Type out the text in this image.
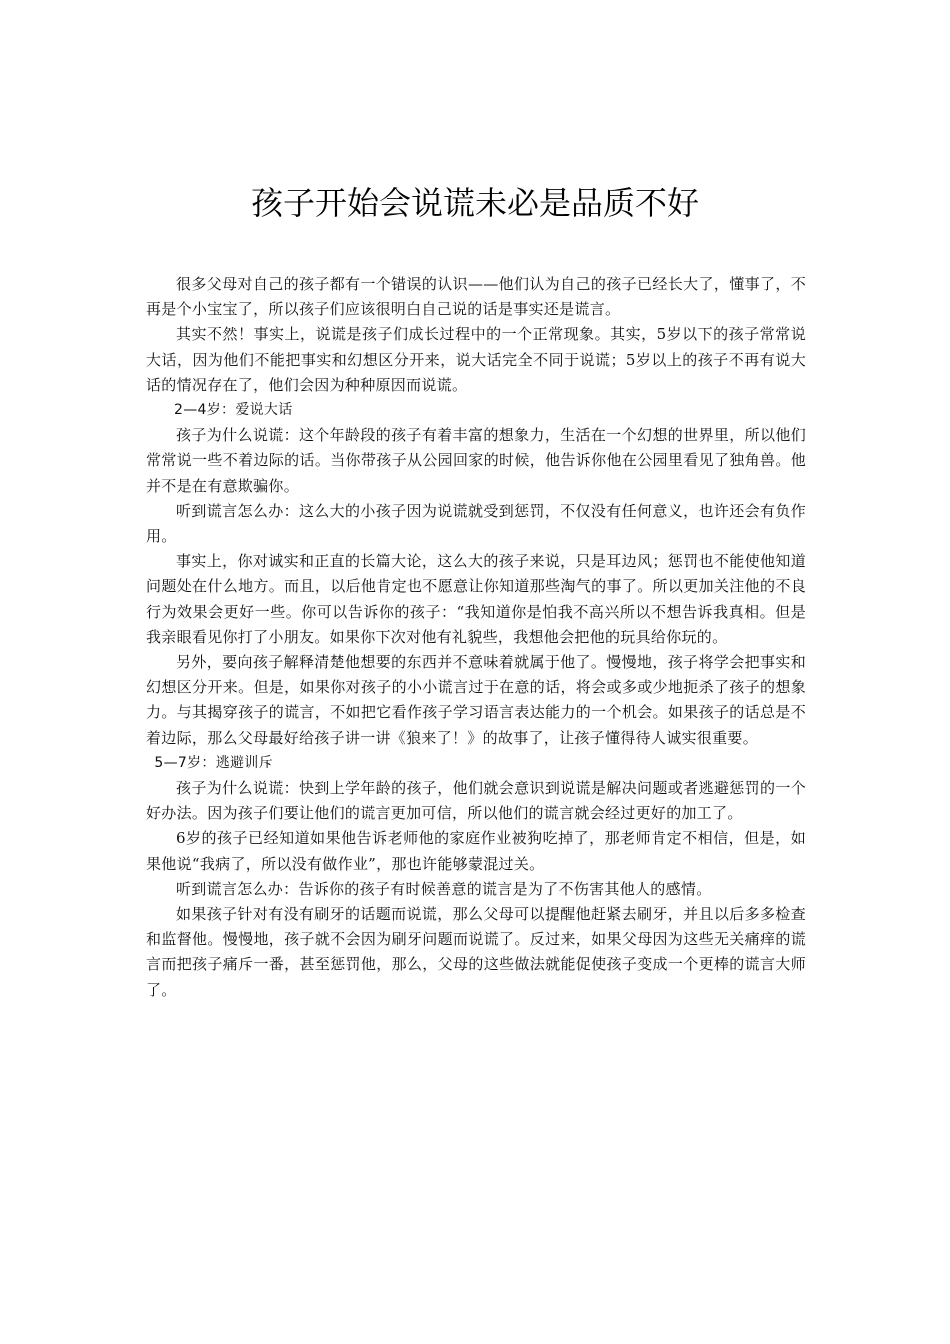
孩子开始会说谎未必是品质不好

很多父母对自己的孩子都有一个错误的认识——他们认为自己的孩子已经长大了，懂事了，不再是个小宝宝了，所以孩子们应该很明白自己说的话是事实还是谎言。

其实不然！事实上，说谎是孩子们成长过程中的一个正常现象。其实，5岁以下的孩子常常说大话，因为他们不能把事实和幻想区分开来，说大话完全不同于说谎；5岁以上的孩子不再有说大话的情况存在了，他们会因为种种原因而说谎。

2—4岁：爱说大话

孩子为什么说谎：这个年龄段的孩子有着丰富的想象力，生活在一个幻想的世界里，所以他们常常说一些不着边际的话。当你带孩子从公园回家的时候，他告诉你他在公园里看见了独角兽。他并不是在有意欺骗你。

听到谎言怎么办：这么大的小孩子因为说谎就受到惩罚，不仅没有任何意义，也许还会有负作用。

事实上，你对诚实和正直的长篇大论，这么大的孩子来说，只是耳边风；惩罚也不能使他知道问题处在什么地方。而且，以后他肯定也不愿意让你知道那些淘气的事了。所以更加关注他的不良行为效果会更好一些。你可以告诉你的孩子：“我知道你是怕我不高兴所以不想告诉我真相。但是我亲眼看见你打了小朋友。如果你下次对他有礼貌些，我想他会把他的玩具给你玩的。

另外，要向孩子解释清楚他想要的东西并不意味着就属于他了。慢慢地，孩子将学会把事实和幻想区分开来。但是，如果你对孩子的小小谎言过于在意的话，将会或多或少地扼杀了孩子的想象力。与其揭穿孩子的谎言，不如把它看作孩子学习语言表达能力的一个机会。如果孩子的话总是不着边际，那么父母最好给孩子讲一讲《狼来了！》的故事了，让孩子懂得待人诚实很重要。

5—7岁：逃避训斥

孩子为什么说谎：快到上学年龄的孩子，他们就会意识到说谎是解决问题或者逃避惩罚的一个好办法。因为孩子们要让他们的谎言更加可信，所以他们的谎言就会经过更好的加工了。

6岁的孩子已经知道如果他告诉老师他的家庭作业被狗吃掉了，那老师肯定不相信，但是，如果他说“我病了，所以没有做作业”，那也许能够蒙混过关。

听到谎言怎么办：告诉你的孩子有时候善意的谎言是为了不伤害其他人的感情。

如果孩子针对有没有刷牙的话题而说谎，那么父母可以提醒他赶紧去刷牙，并且以后多多检查和监督他。慢慢地，孩子就不会因为刷牙问题而说谎了。反过来，如果父母因为这些无关痛痒的谎言而把孩子痛斥一番，甚至惩罚他，那么，父母的这些做法就能促使孩子变成一个更棒的谎言大师了。
